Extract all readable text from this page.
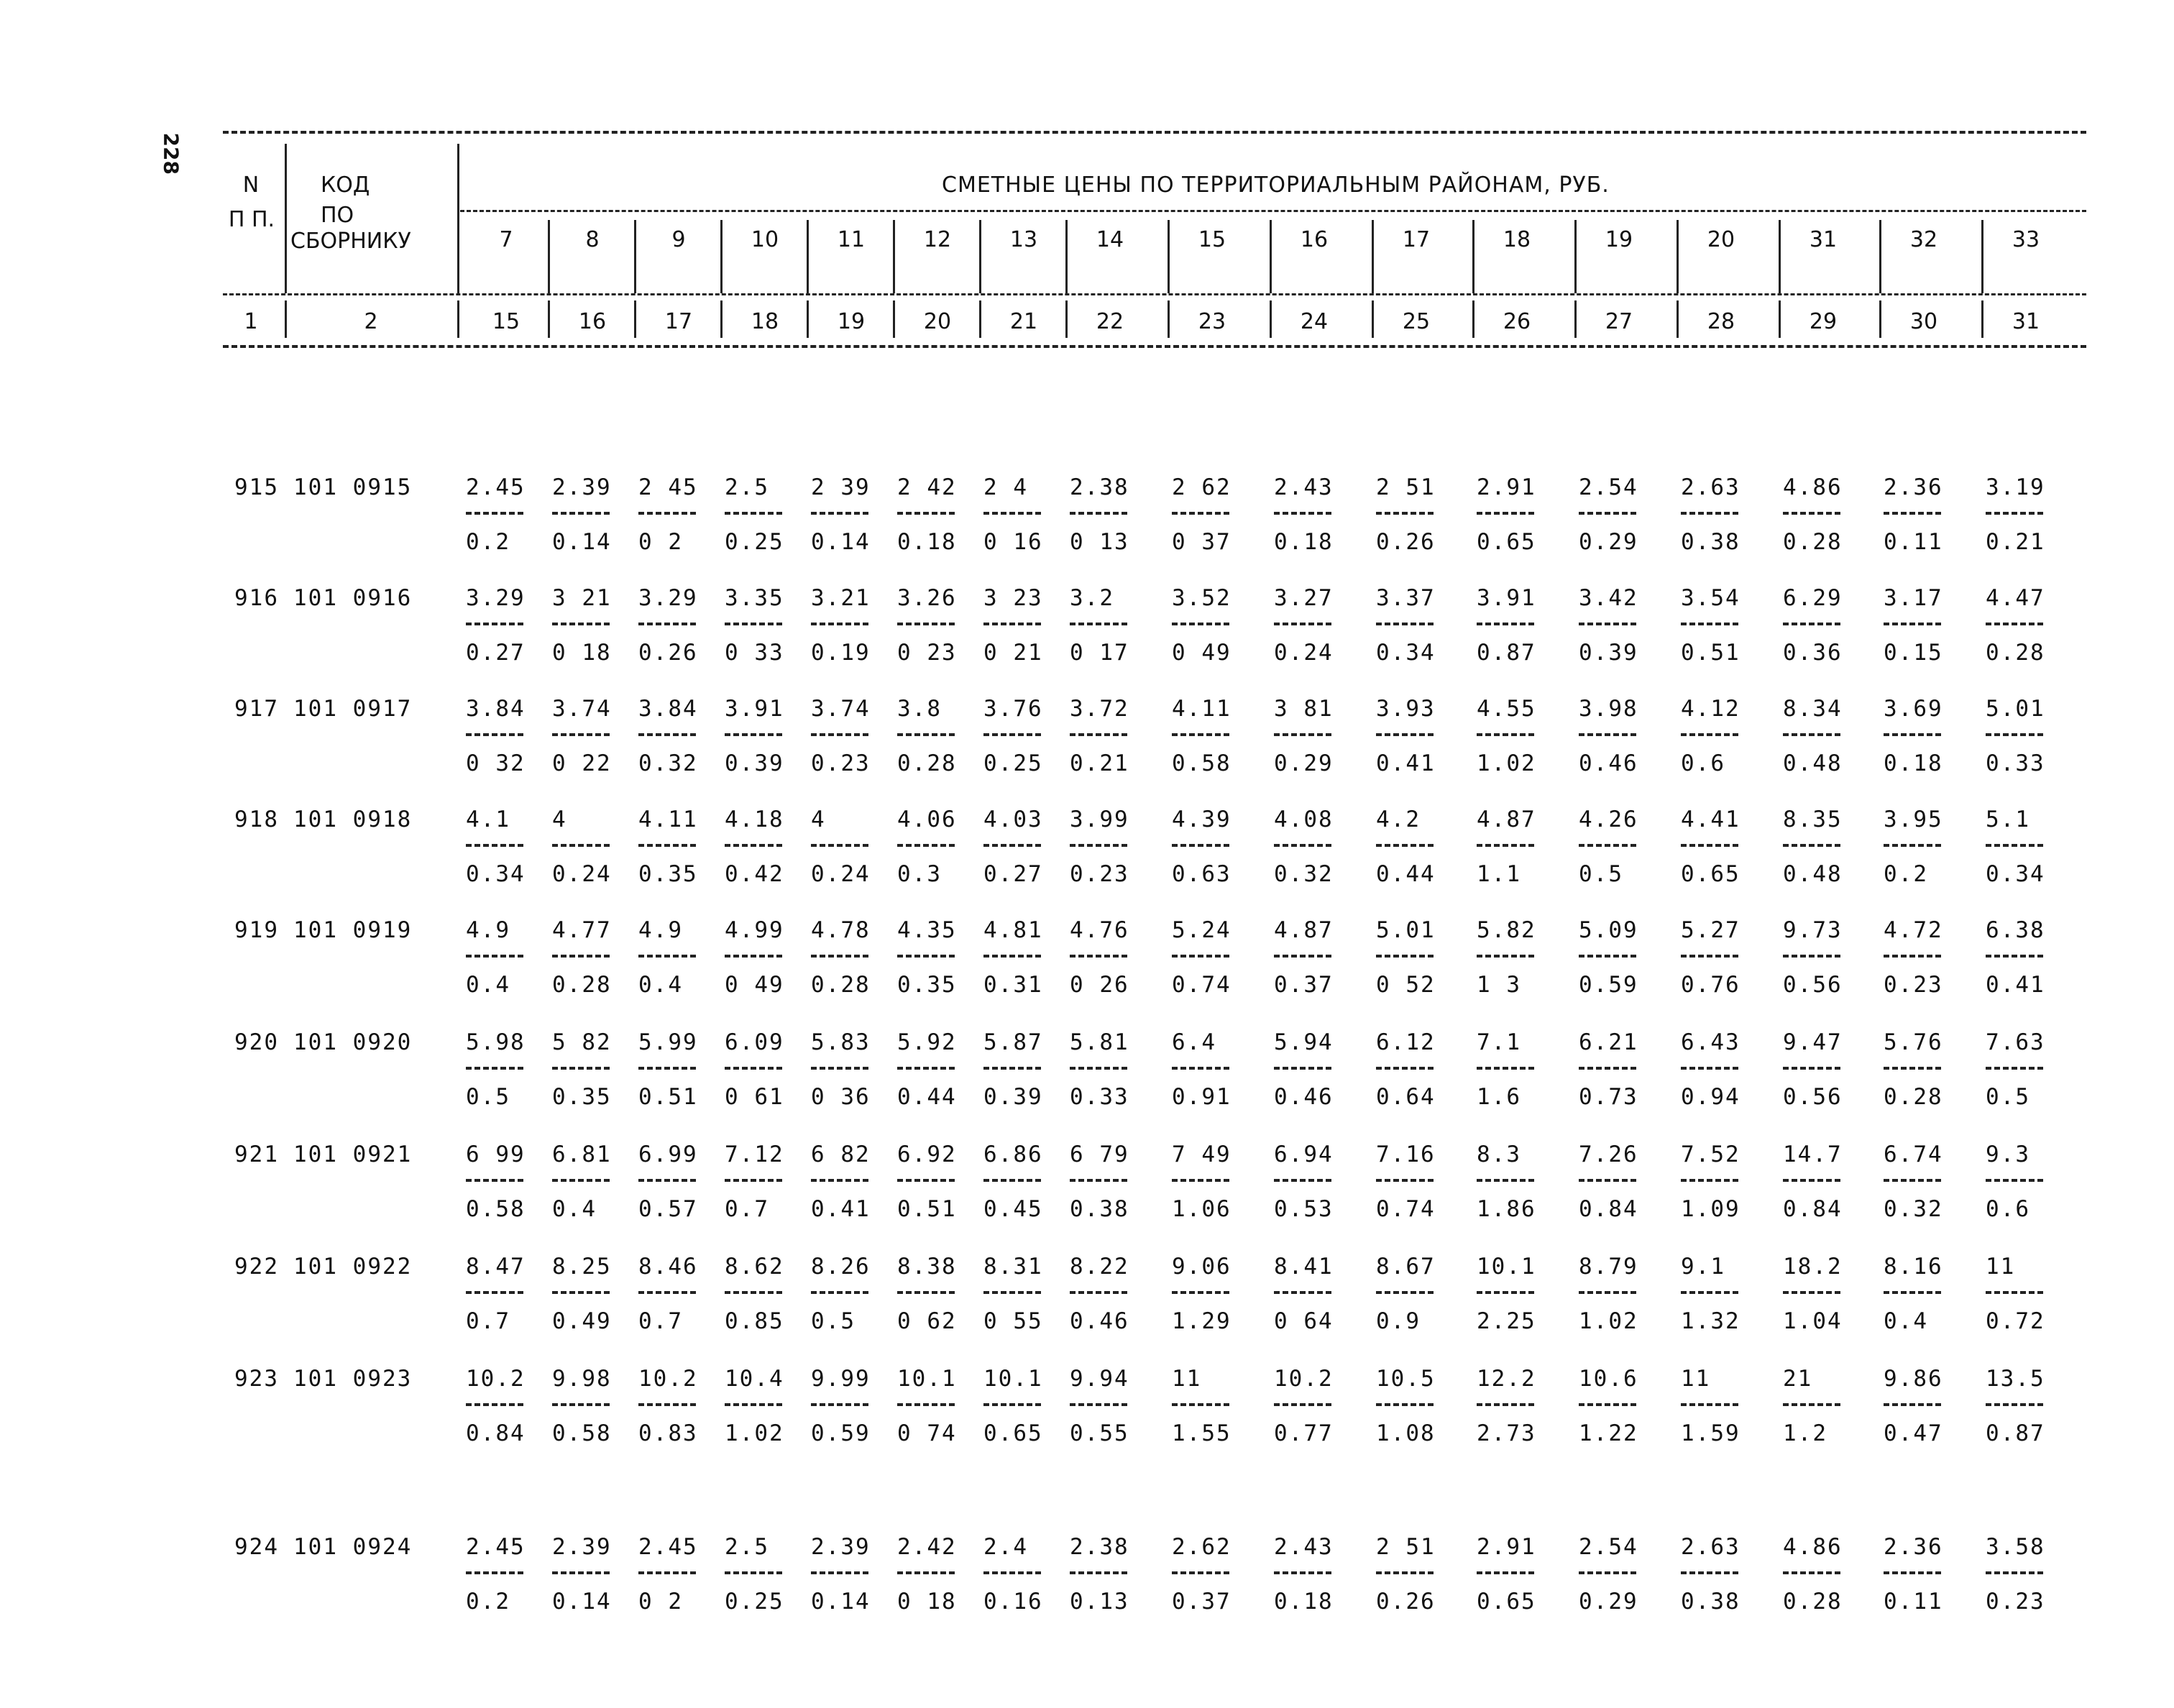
228
N
П П.
КОД
ПО
СБОРНИКУ
СМЕТНЫЕ ЦЕНЫ ПО ТЕРРИТОРИАЛЬНЫМ РАЙОНАМ, РУБ.
1	2
7
15
8
16
9
17
10
18
11
19
12
20
13
21
14
22
15
23
16
24
17
25
18
26
19
27
20
28
31
29
32
30
33
31
915 101 0915 2.45
0.2
2.39
0.14
2 45
0 2
2.5
0.25
2 39
0.14
2 42
0.18
2 4
0 16
2.38
0 13
2 62
0 37
2.43
0.18
2 51
0.26
2.91
0.65
2.54
0.29
2.63
0.38
4.86
0.28
2.36
0.11
3.19
0.21
916 101 0916 3.29
0.27
3 21
0 18
3.29
0.26
3.35
0 33
3.21
0.19
3.26
0 23
3 23
0 21
3.2
0 17
3.52
0 49
3.27
0.24
3.37
0.34
3.91
0.87
3.42
0.39
3.54
0.51
6.29
0.36
3.17
0.15
4.47
0.28
917 101 0917 3.84
0 32
3.74
0 22
3.84
0.32
3.91
0.39
3.74
0.23
3.8
0.28
3.76
0.25
3.72
0.21
4.11
0.58
3 81
0.29
3.93
0.41
4.55
1.02
3.98
0.46
4.12
0.6
8.34
0.48
3.69
0.18
5.01
0.33
918 101 0918 4.1
0.34
4
0.24
4.11
0.35
4.18
0.42
4
0.24
4.06
0.3
4.03
0.27
3.99
0.23
4.39
0.63
4.08
0.32
4.2
0.44
4.87
1.1
4.26
0.5
4.41
0.65
8.35
0.48
3.95
0.2
5.1
0.34
919 101 0919 4.9
0.4
4.77
0.28
4.9
0.4
4.99
0 49
4.78
0.28
4.35
0.35
4.81
0.31
4.76
0 26
5.24
0.74
4.87
0.37
5.01
0 52
5.82
1 3
5.09
0.59
5.27
0.76
9.73
0.56
4.72
0.23
6.38
0.41
920 101 0920 5.98
0.5
5 82
0.35
5.99
0.51
6.09
0 61
5.83
0 36
5.92
0.44
5.87
0.39
5.81
0.33
6.4
0.91
5.94
0.46
6.12
0.64
7.1
1.6
6.21
0.73
6.43
0.94
9.47
0.56
5.76
0.28
7.63
0.5
921 101 0921 6 99
0.58
6.81
0.4
6.99
0.57
7.12
0.7
6 82
0.41
6.92
0.51
6.86
0.45
6 79
0.38
7 49
1.06
6.94
0.53
7.16
0.74
8.3
1.86
7.26
0.84
7.52
1.09
14.7
0.84
6.74
0.32
9.3
0.6
922 101 0922 8.47
0.7
8.25
0.49
8.46
0.7
8.62
0.85
8.26
0.5
8.38
0 62
8.31
0 55
8.22
0.46
9.06
1.29
8.41
0 64
8.67
0.9
10.1
2.25
8.79
1.02
9.1
1.32
18.2
1.04
8.16
0.4
11
0.72
923 101 0923 10.2
0.84
9.98
0.58
10.2
0.83
10.4
1.02
9.99
0.59
10.1
0 74
10.1
0.65
9.94
0.55
11
1.55
10.2
0.77
10.5
1.08
12.2
2.73
10.6
1.22
11
1.59
21
1.2
9.86
0.47
13.5
0.87
924 101 0924 2.45
0.2
2.39
0.14
2.45
0 2
2.5
0.25
2.39
0.14
2.42
0 18
2.4
0.16
2.38
0.13
2.62
0.37
2.43
0.18
2 51
0.26
2.91
0.65
2.54
0.29
2.63
0.38
4.86
0.28
2.36
0.11
3.58
0.23
